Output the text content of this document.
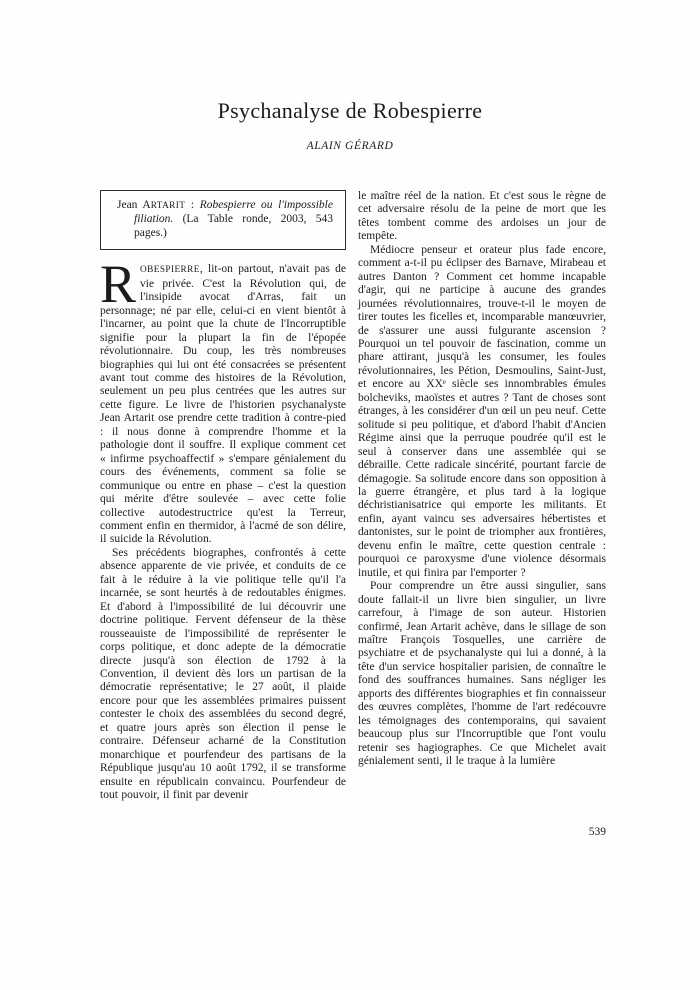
Psychanalyse de Robespierre
ALAIN GÉRARD

Jean ARTARIT : Robespierre ou l'impossible filiation. (La Table ronde, 2003, 543 pages.)

ROBESPIERRE, lit-on partout, n'avait pas de vie privée. C'est la Révolution qui, de l'insipide avocat d'Arras, fait un personnage; né par elle, celui-ci en vient bientôt à l'incarner, au point que la chute de l'Incorruptible signifie pour la plupart la fin de l'épopée révolutionnaire. Du coup, les très nombreuses biographies qui lui ont été consacrées se présentent avant tout comme des histoires de la Révolution, seulement un peu plus centrées que les autres sur cette figure. Le livre de l'historien psychanalyste Jean Artarit ose prendre cette tradition à contre-pied : il nous donne à comprendre l'homme et la pathologie dont il souffre. Il explique comment cet « infirme psychoaffectif » s'empare génialement du cours des événements, comment sa folie se communique ou entre en phase – c'est la question qui mérite d'être soulevée – avec cette folie collective autodestructrice qu'est la Terreur, comment enfin en thermidor, à l'acmé de son délire, il suicide la Révolution.

Ses précédents biographes, confrontés à cette absence apparente de vie privée, et conduits de ce fait à le réduire à la vie politique telle qu'il l'a incarnée, se sont heurtés à de redoutables énigmes. Et d'abord à l'impossibilité de lui découvrir une doctrine politique. Fervent défenseur de la thèse rousseauiste de l'impossibilité de représenter le corps politique, et donc adepte de la démocratie directe jusqu'à son élection de 1792 à la Convention, il devient dès lors un partisan de la démocratie représentative; le 27 août, il plaide encore pour que les assemblées primaires puissent contester le choix des assemblées du second degré, et quatre jours après son élection il pense le contraire. Défenseur acharné de la Constitution monarchique et pourfendeur des partisans de la République jusqu'au 10 août 1792, il se transforme ensuite en républicain convaincu. Pourfendeur de tout pouvoir, il finit par devenir

le maître réel de la nation. Et c'est sous le règne de cet adversaire résolu de la peine de mort que les têtes tombent comme des ardoises un jour de tempête.

Médiocre penseur et orateur plus fade encore, comment a-t-il pu éclipser des Barnave, Mirabeau et autres Danton ? Comment cet homme incapable d'agir, qui ne participe à aucune des grandes journées révolutionnaires, trouve-t-il le moyen de tirer toutes les ficelles et, incomparable manœuvrier, de s'assurer une aussi fulgurante ascension ? Pourquoi un tel pouvoir de fascination, comme un phare attirant, jusqu'à les consumer, les foules révolutionnaires, les Pétion, Desmoulins, Saint-Just, et encore au XXᵉ siècle ses innombrables émules bolcheviks, maoïstes et autres ? Tant de choses sont étranges, à les considérer d'un œil un peu neuf. Cette solitude si peu politique, et d'abord l'habit d'Ancien Régime ainsi que la perruque poudrée qu'il est le seul à conserver dans une assemblée qui se débraille. Cette radicale sincérité, pourtant farcie de démagogie. Sa solitude encore dans son opposition à la guerre étrangère, et plus tard à la logique déchristianisatrice qui emporte les militants. Et enfin, ayant vaincu ses adversaires hébertistes et dantonistes, sur le point de triompher aux frontières, devenu enfin le maître, cette question centrale : pourquoi ce paroxysme d'une violence désormais inutile, et qui finira par l'emporter ?

Pour comprendre un être aussi singulier, sans doute fallait-il un livre bien singulier, un livre carrefour, à l'image de son auteur. Historien confirmé, Jean Artarit achève, dans le sillage de son maître François Tosquelles, une carrière de psychiatre et de psychanalyste qui lui a donné, à la tête d'un service hospitalier parisien, de connaître le fond des souffrances humaines. Sans négliger les apports des différentes biographies et fin connaisseur des œuvres complètes, l'homme de l'art redécouvre les témoignages des contemporains, qui savaient beaucoup plus sur l'Incorruptible que l'ont voulu retenir ses hagiographes. Ce que Michelet avait génialement senti, il le traque à la lumière

539
